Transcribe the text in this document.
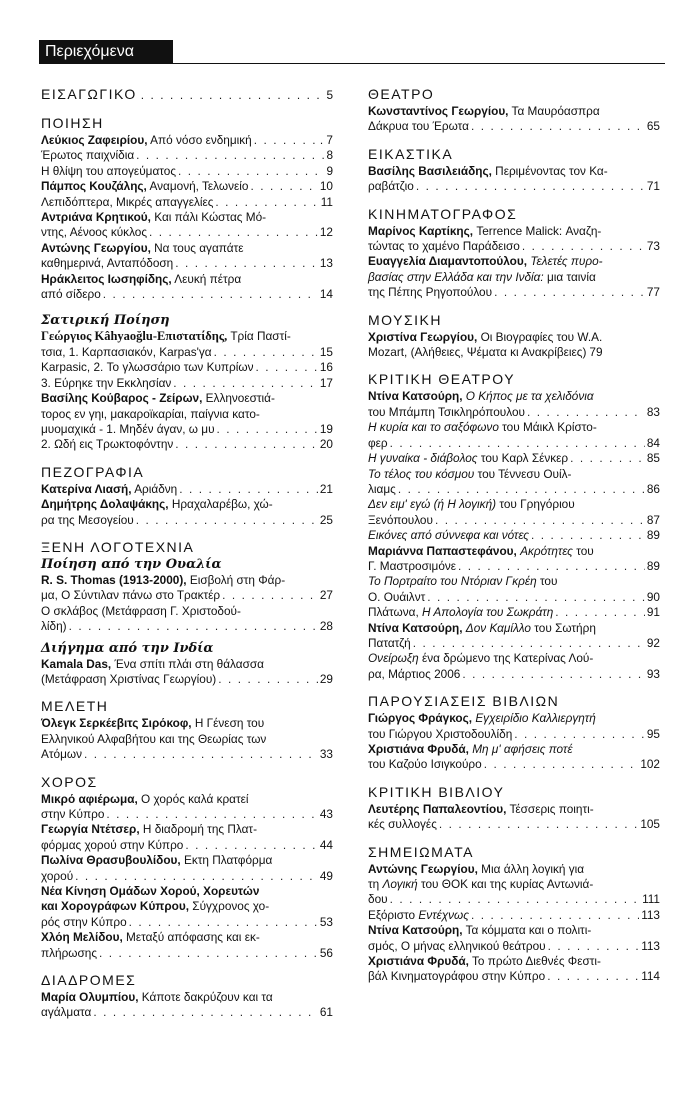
Περιεχόμενα
ΕΙΣΑΓΩΓΙΚΟ . . .	5
ΠΟΙΗΣΗ
Λεύκιος Ζαφειρίου, Από νόσο ενδημική . . .	. 7
Έρωτος παιχνίδια . . .	8
Η θλίψη του απογεύματος . . .	9
Πάμπος Κουζάλης, Αναμονή, Τελωνείο . . .	10
Λεπιδόπτερα, Μικρές απαγγελίες . . .	11
Αντριάνα Κρητικού, Και πάλι Κώστας Μό-
ντης, Αένοος κύκλος . . .	12
Αντώνης Γεωργίου, Να τους αγαπάτε
καθημερινά, Ανταπόδοση . . .	13
Ηράκλειτος Ιωσηφίδης, Λευκή πέτρα
από σίδερο . . .	14
Σατιρική Ποίηση
Γεώργιος Kâhyaoğlu-Επιστατίδης, Τρία Παστί-
τσια, 1. Καρπασιακόν, Karpas'γα . . .	15
Karpasic, 2. Το γλωσσάριο των Κυπρίων . . .	16
3. Εύρηκε την Εκκλησίαν . . .	17
Βασίλης Κούβαρος - Ζείρων, Ελληνοεστιά-
τορος εν γηι, μακαροϊκαρίαι, παίγνια κατο-
μυομαχικά - 1. Μηδέν άγαν, ω μυ . . .	19
2. Ωδή εις Τρωκτοφόντην . . .	20
ΠΕΖΟΓΡΑΦΙΑ
Κατερίνα Λιασή, Αριάδνη . . .	21
Δημήτρης Δολαψάκης, Ηραχαλαρέβω, χώ-
ρα της Μεσογείου . . .	25
ΞΕΝΗ ΛΟΓΟΤΕΧΝΙΑ
Ποίηση από την Ουαλία
R. S. Thomas (1913-2000), Εισβολή στη Φάρ-
μα, Ο Σύντιλαν πάνω στο Τρακτέρ . . .	27
Ο σκλάβος (Μετάφραση Γ. Χριστοδού-
λίδη) . . .	28
Διήγημα από την Ινδία
Kamala Das, Ένα σπίτι πλάι στη θάλασσα
(Μετάφραση Χριστίνας Γεωργίου) . . .	29
ΜΕΛΕΤΗ
Όλεγκ Σερκέεβιτς Σιρόκοφ, Η Γένεση του
Ελληνικού Αλφαβήτου και της Θεωρίας των
Ατόμων . . .	33
ΧΟΡΟΣ
Μικρό αφιέρωμα, Ο χορός καλά κρατεί
στην Κύπρο . . .	43
Γεωργία Ντέτσερ, Η διαδρομή της Πλατ-
φόρμας χορού στην Κύπρο . . .	44
Πωλίνα Θρασυβουλίδου, Εκτη Πλατφόρμα
χορού . . .	49
Νέα Κίνηση Ομάδων Χορού, Χορευτών
και Χορογράφων Κύπρου, Σύγχρονος χο-
ρός στην Κύπρο . . .	53
Χλόη Μελίδου, Μεταξύ απόφασης και εκ-
πλήρωσης . . .	56
ΔΙΑΔΡΟΜΕΣ
Μαρία Ολυμπίου, Κάποτε δακρύζουν και τα
αγάλματα . . .	61
ΘΕΑΤΡΟ
Κωνσταντίνος Γεωργίου, Τα Μαυρόασπρα
Δάκρυα του Έρωτα . . .	65
ΕΙΚΑΣΤΙΚΑ
Βασίλης Βασιλειάδης, Περιμένοντας τον Κα-
ραβάτζιο . . .	71
ΚΙΝΗΜΑΤΟΓΡΑΦΟΣ
Μαρίνος Καρτίκης, Terrence Malick: Αναζη-
τώντας το χαμένο Παράδεισο . . .	73
Ευαγγελία Διαμαντοπούλου, Τελετές πυρο-
βασίας στην Ελλάδα και την Ινδία: μια ταινία
της Πέπης Ρηγοπούλου . . .	77
ΜΟΥΣΙΚΗ
Χριστίνα Γεωργίου, Οι Βιογραφίες του W.A.
Mozart, (Αλήθειες, Ψέματα κι Ανακρίβειες) 79
ΚΡΙΤΙΚΗ ΘΕΑΤΡΟΥ
Ντίνα Κατσούρη, Ο Κήπος με τα χελιδόνια
του Μπάμπη Τσικληρόπουλου . . .	83
Η κυρία και το σαξόφωνο του Μάικλ Κρίστο-
φερ . . .	84
Η γυναίκα - διάβολος του Καρλ Σένκερ . . .	85
Το τέλος του κόσμου του Τέννεσυ Ουίλ-
λιαμς . . .	86
Δεν ειμ' εγώ (ή Η λογική) του Γρηγόριου
Ξενόπουλου . . .	87
Εικόνες από σύννεφα και νότες . . .	89
Μαριάννα Παπαστεφάνου, Ακρότητες του
Γ. Μαστροσιμόνε . . .	89
Το Πορτραίτο του Ντόριαν Γκρέη του
Ο. Ουάιλντ . . .	90
Πλάτωνα, Η Απολογία του Σωκράτη . . .	91
Ντίνα Κατσούρη, Δον Καμίλλο του Σωτήρη
Πατατζή . . .	92
Ονείρωξη ένα δρώμενο της Κατερίνας Λού-
ρα, Μάρτιος 2006 . . .	93
ΠΑΡΟΥΣΙΑΣΕΙΣ ΒΙΒΛΙΩΝ
Γιώργος Φράγκος, Εγχειρίδιο Καλλιεργητή
του Γιώργου Χριστοδουλίδη . . .	95
Χριστιάνα Φρυδά, Μη μ' αφήσεις ποτέ
του Καζούο Ισιγκούρο . . .	102
ΚΡΙΤΙΚΗ ΒΙΒΛΙΟΥ
Λευτέρης Παπαλεοντίου, Τέσσερις ποιητι-
κές συλλογές . . .	105
ΣΗΜΕΙΩΜΑΤΑ
Αντώνης Γεωργίου, Μια άλλη λογική για
τη Λογική του ΘΟΚ και της κυρίας Αντωνιά-
δου . . .	111
Εξόριστο Εντέχνως . . .	113
Ντίνα Κατσούρη, Τα κόμματα και ο πολιτι-
σμός, Ο μήνας ελληνικού θεάτρου . . .	113
Χριστιάνα Φρυδά, Το πρώτο Διεθνές Φεστι-
βάλ Κινηματογράφου στην Κύπρο . . .	114
